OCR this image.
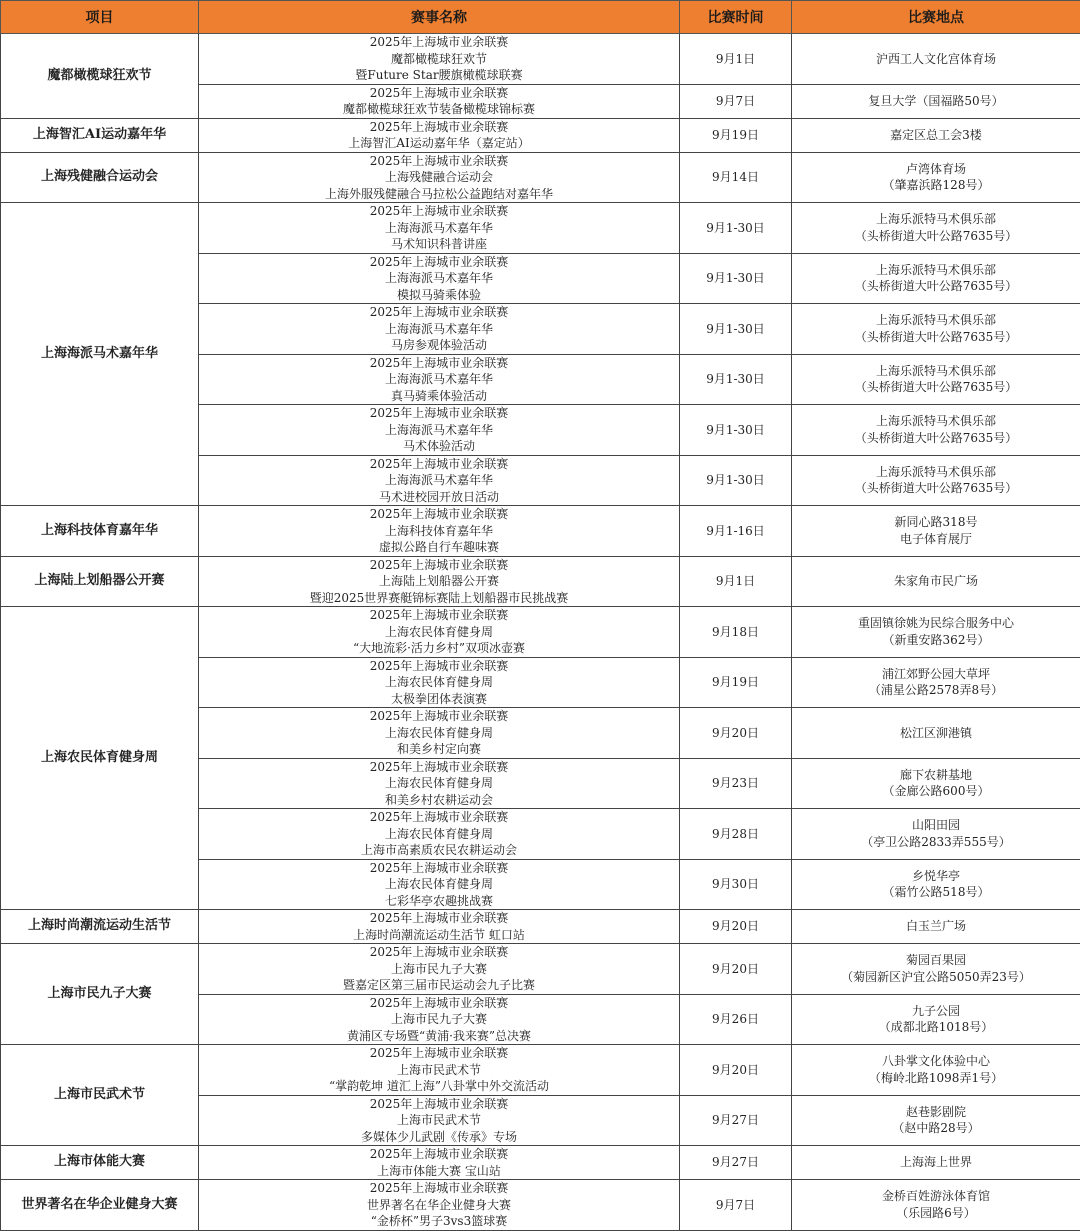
项目	赛事名称	比赛时间	比赛地点
魔都橄榄球狂欢节	2025年上海城市业余联赛
魔都橄榄球狂欢节
暨Future Star腰旗橄榄球联赛	9月1日	沪西工人文化宫体育场

	2025年上海城市业余联赛
魔都橄榄球狂欢节装备橄榄球锦标赛	9月7日	复旦大学（国福路50号）

上海智汇AI运动嘉年华	2025年上海城市业余联赛
上海智汇AI运动嘉年华（嘉定站）	9月19日	嘉定区总工会3楼

上海残健融合运动会	2025年上海城市业余联赛
上海残健融合运动会
上海外服残健融合马拉松公益跑结对嘉年华	9月14日	卢湾体育场
（肇嘉浜路128号）

上海海派马术嘉年华	2025年上海城市业余联赛
上海海派马术嘉年华
马术知识科普讲座	9月1-30日	上海乐派特马术俱乐部
（头桥街道大叶公路7635号）

	2025年上海城市业余联赛
上海海派马术嘉年华
模拟马骑乘体验	9月1-30日	上海乐派特马术俱乐部
（头桥街道大叶公路7635号）

	2025年上海城市业余联赛
上海海派马术嘉年华
马房参观体验活动	9月1-30日	上海乐派特马术俱乐部
（头桥街道大叶公路7635号）

	2025年上海城市业余联赛
上海海派马术嘉年华
真马骑乘体验活动	9月1-30日	上海乐派特马术俱乐部
（头桥街道大叶公路7635号）

	2025年上海城市业余联赛
上海海派马术嘉年华
马术体验活动	9月1-30日	上海乐派特马术俱乐部
（头桥街道大叶公路7635号）

	2025年上海城市业余联赛
上海海派马术嘉年华
马术进校园开放日活动	9月1-30日	上海乐派特马术俱乐部
（头桥街道大叶公路7635号）

上海科技体育嘉年华	2025年上海城市业余联赛
上海科技体育嘉年华
虚拟公路自行车趣味赛	9月1-16日	新同心路318号
电子体育展厅

上海陆上划船器公开赛	2025年上海城市业余联赛
上海陆上划船器公开赛
暨迎2025世界赛艇锦标赛陆上划船器市民挑战赛	9月1日	朱家角市民广场

上海农民体育健身周	2025年上海城市业余联赛
上海农民体育健身周
“大地流彩·活力乡村”双项冰壶赛	9月18日	重固镇徐姚为民综合服务中心
（新重安路362号）

	2025年上海城市业余联赛
上海农民体育健身周
太极拳团体表演赛	9月19日	浦江郊野公园大草坪
（浦星公路2578弄8号）

	2025年上海城市业余联赛
上海农民体育健身周
和美乡村定向赛	9月20日	松江区泖港镇

	2025年上海城市业余联赛
上海农民体育健身周
和美乡村农耕运动会	9月23日	廊下农耕基地
（金廊公路600号）

	2025年上海城市业余联赛
上海农民体育健身周
上海市高素质农民农耕运动会	9月28日	山阳田园
（亭卫公路2833弄555号）

	2025年上海城市业余联赛
上海农民体育健身周
七彩华亭农趣挑战赛	9月30日	乡悦华亭
（霜竹公路518号）

上海时尚潮流运动生活节	2025年上海城市业余联赛
上海时尚潮流运动生活节 虹口站	9月20日	白玉兰广场

上海市民九子大赛	2025年上海城市业余联赛
上海市民九子大赛
暨嘉定区第三届市民运动会九子比赛	9月20日	菊园百果园
（菊园新区沪宜公路5050弄23号）

	2025年上海城市业余联赛
上海市民九子大赛
黄浦区专场暨“黄浦·我来赛”总决赛	9月26日	九子公园
（成都北路1018号）

上海市民武术节	2025年上海城市业余联赛
上海市民武术节
“掌韵乾坤 道汇上海”八卦掌中外交流活动	9月20日	八卦掌文化体验中心
（梅岭北路1098弄1号）

	2025年上海城市业余联赛
上海市民武术节
多媒体少儿武剧《传承》专场	9月27日	赵巷影剧院
（赵中路28号）

上海市体能大赛	2025年上海城市业余联赛
上海市体能大赛 宝山站	9月27日	上海海上世界

世界著名在华企业健身大赛	2025年上海城市业余联赛
世界著名在华企业健身大赛
“金桥杯”男子3vs3篮球赛	9月7日	金桥百姓游泳体育馆
（乐园路6号）
